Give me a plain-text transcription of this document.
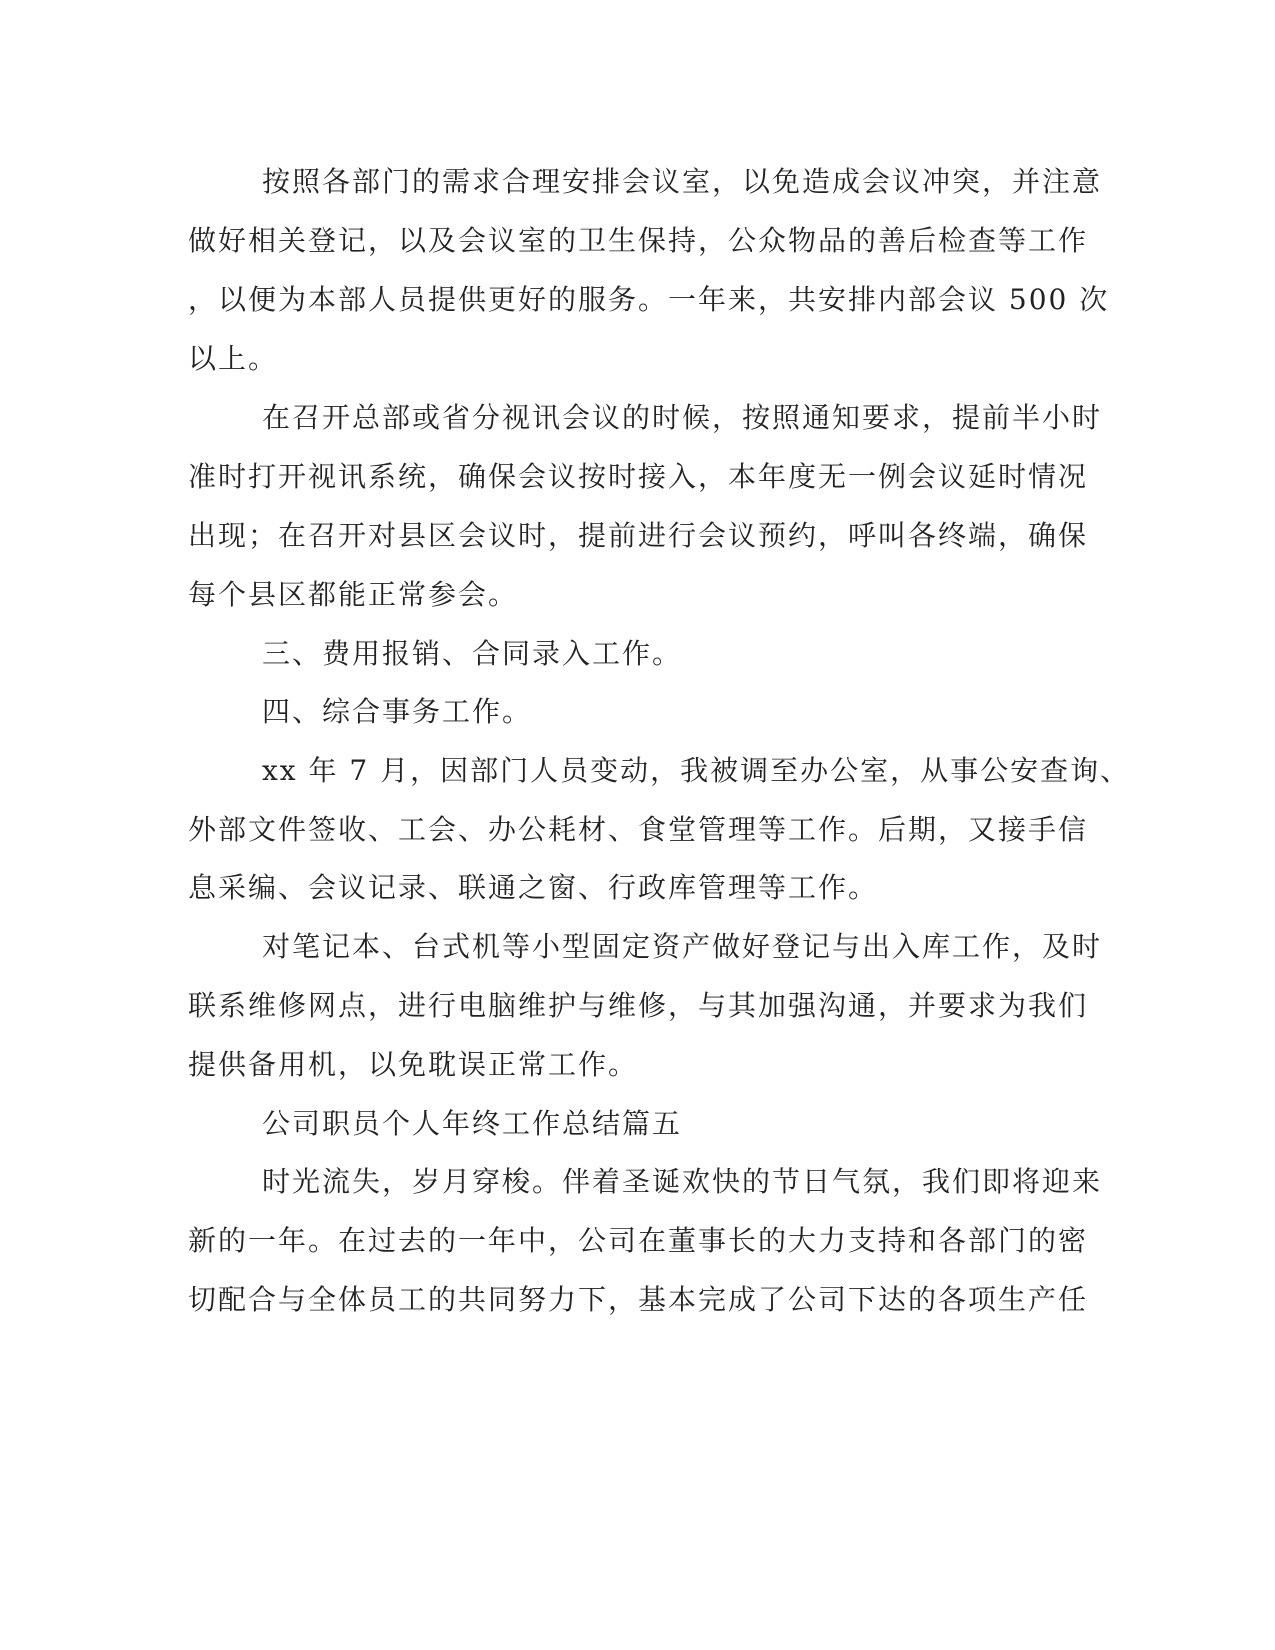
按照各部门的需求合理安排会议室，以免造成会议冲突，并注意

做好相关登记，以及会议室的卫生保持，公众物品的善后检查等工作

，以便为本部人员提供更好的服务。一年来，共安排内部会议 500 次

以上。

在召开总部或省分视讯会议的时候，按照通知要求，提前半小时

准时打开视讯系统，确保会议按时接入，本年度无一例会议延时情况

出现；在召开对县区会议时，提前进行会议预约，呼叫各终端，确保

每个县区都能正常参会。

三、费用报销、合同录入工作。

四、综合事务工作。

xx 年 7 月，因部门人员变动，我被调至办公室，从事公安查询、

外部文件签收、工会、办公耗材、食堂管理等工作。后期，又接手信

息采编、会议记录、联通之窗、行政库管理等工作。

对笔记本、台式机等小型固定资产做好登记与出入库工作，及时

联系维修网点，进行电脑维护与维修，与其加强沟通，并要求为我们

提供备用机，以免耽误正常工作。

公司职员个人年终工作总结篇五

时光流失，岁月穿梭。伴着圣诞欢快的节日气氛，我们即将迎来

新的一年。在过去的一年中，公司在董事长的大力支持和各部门的密

切配合与全体员工的共同努力下，基本完成了公司下达的各项生产任
